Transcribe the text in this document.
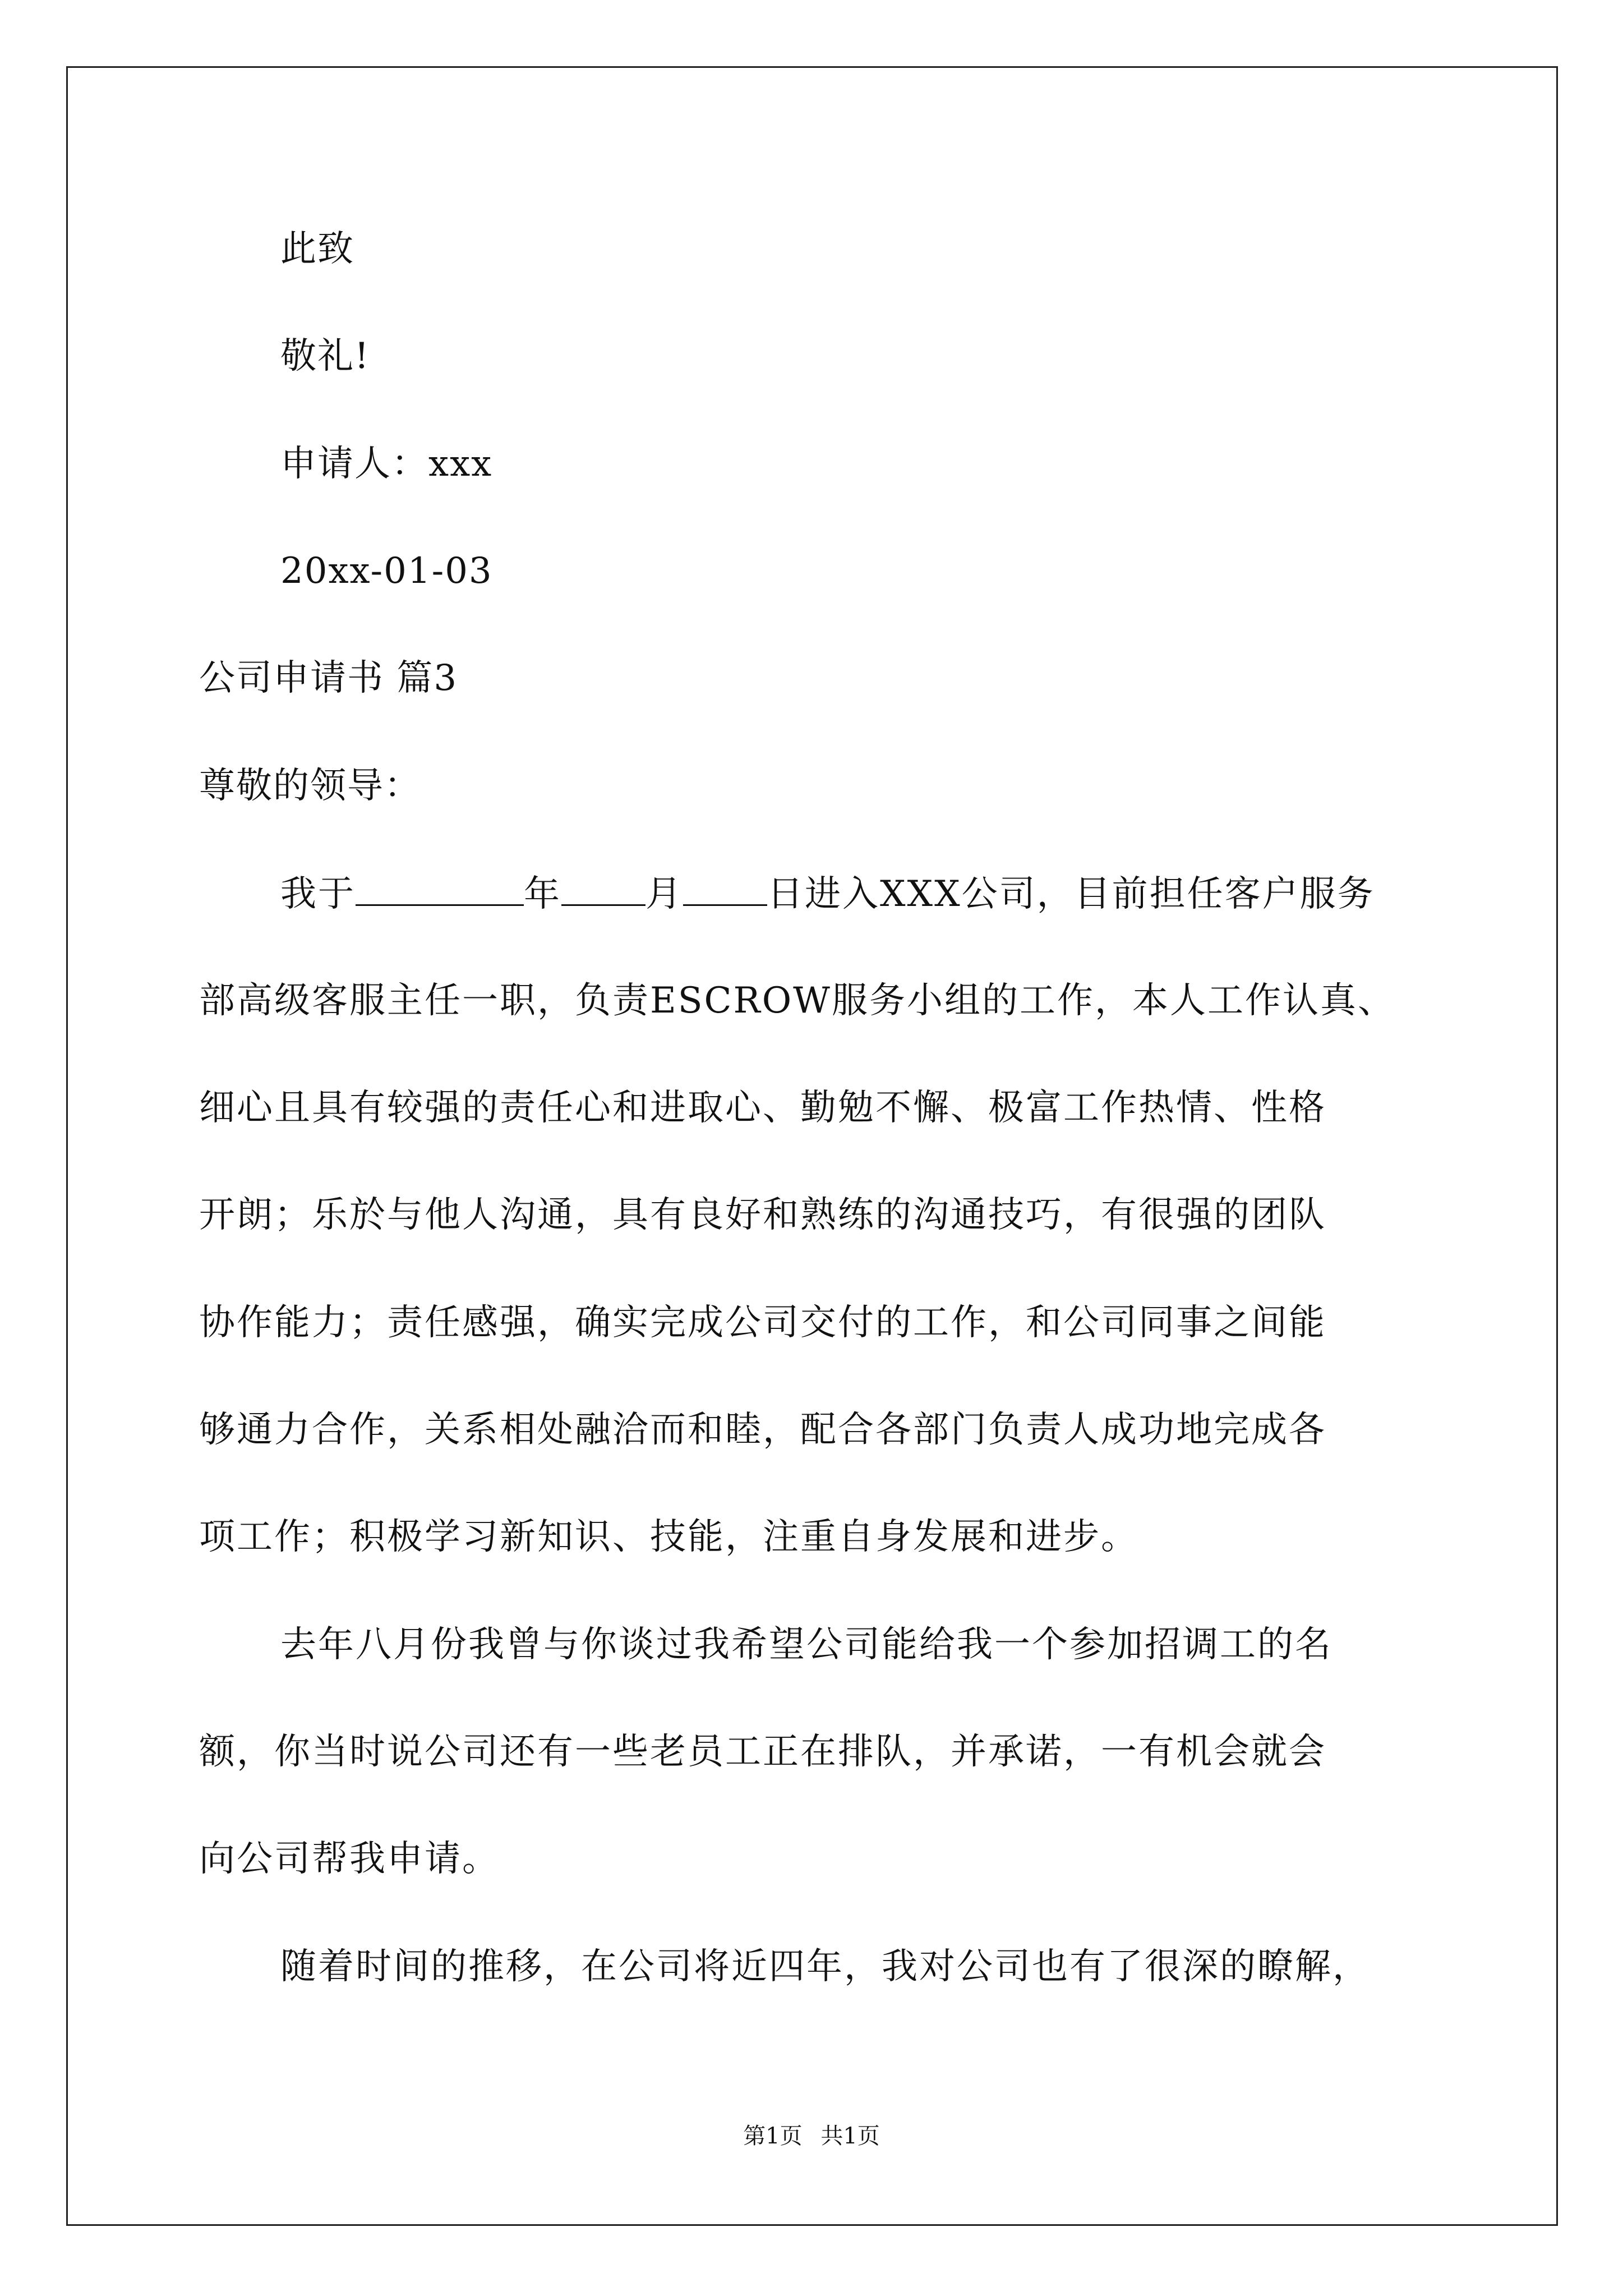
此致
敬礼!
申请人：xxx
20xx-01-03
公司申请书 篇3
尊敬的领导：
我于	年 月 日进入XXX公司，目前担任客户服务
部高级客服主任一职，负责ESCROW服务小组的工作，本人工作认真、
细心且具有较强的责任心和进取心、勤勉不懈、极富工作热情、性格
开朗；乐於与他人沟通，具有良好和熟练的沟通技巧，有很强的团队
协作能力；责任感强，确实完成公司交付的工作，和公司同事之间能
够通力合作，关系相处融洽而和睦，配合各部门负责人成功地完成各
项工作；积极学习新知识、技能，注重自身发展和进步。
去年八月份我曾与你谈过我希望公司能给我一个参加招调工的名
额，你当时说公司还有一些老员工正在排队，并承诺，一有机会就会
向公司帮我申请。
随着时间的推移，在公司将近四年，我对公司也有了很深的瞭解，
第1页 共1页
